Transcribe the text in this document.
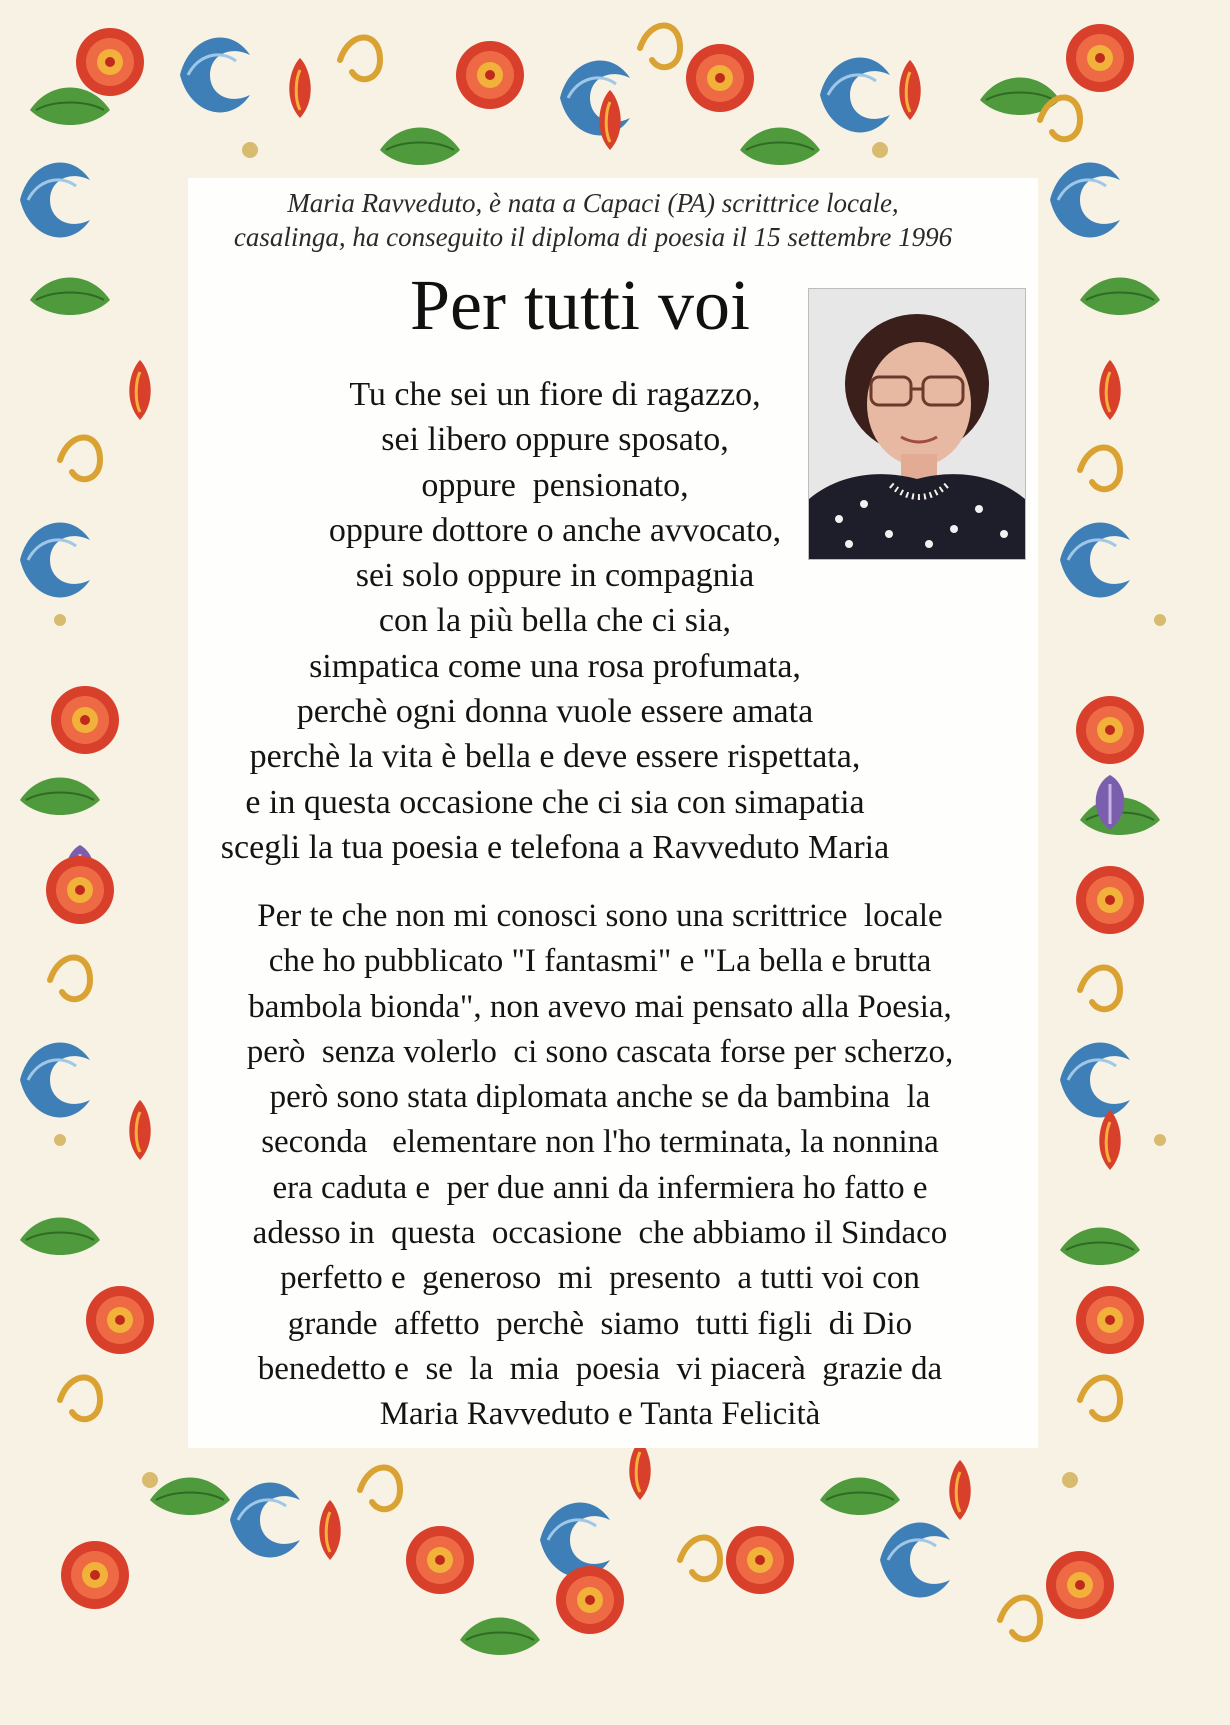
Maria Ravveduto, è nata a Capaci (PA) scrittrice locale,
casalinga, ha conseguito il diploma di poesia il 15 settembre 1996
Per tutti voi
Tu che sei un fiore di ragazzo,
sei libero oppure sposato,
oppure  pensionato,
oppure dottore o anche avvocato,
sei solo oppure in compagnia
con la più bella che ci sia,
simpatica come una rosa profumata,
perchè ogni donna vuole essere amata
perchè la vita è bella e deve essere rispettata,
e in questa occasione che ci sia con simapatia
scegli la tua poesia e telefona a Ravveduto Maria
Per te che non mi conosci sono una scrittrice  locale
che ho pubblicato "I fantasmi" e "La bella e brutta
bambola bionda", non avevo mai pensato alla Poesia,
però  senza volerlo  ci sono cascata forse per scherzo,
però sono stata diplomata anche se da bambina  la
seconda   elementare non l'ho terminata, la nonnina
era caduta e  per due anni da infermiera ho fatto e
adesso in  questa  occasione  che abbiamo il Sindaco
perfetto e  generoso  mi  presento  a tutti voi con
grande  affetto  perchè  siamo  tutti figli  di Dio
benedetto e  se  la  mia  poesia  vi piacerà  grazie da
Maria Ravveduto e Tanta Felicità
